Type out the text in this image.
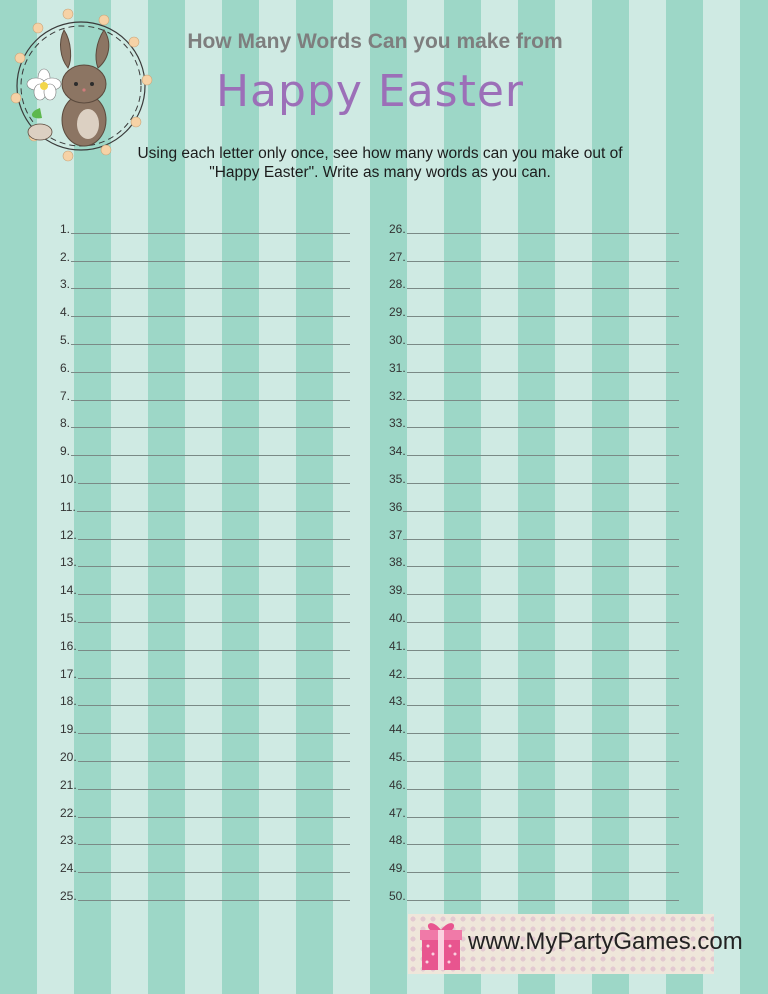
How Many Words Can you make from
Happy Easter
Using each letter only once, see how many words can you make out of
"Happy Easter". Write as many words as you can.
1.
2.
3.
4.
5.
6.
7.
8.
9.
10.
11.
12.
13.
14.
15.
16.
17.
18.
19.
20.
21.
22.
23.
24.
25.
26.
27.
28.
29.
30.
31.
32.
33.
34.
35.
36
37
38.
39.
40.
41.
42.
43.
44.
45.
46.
47.
48.
49.
50.
www.MyPartyGames.com
